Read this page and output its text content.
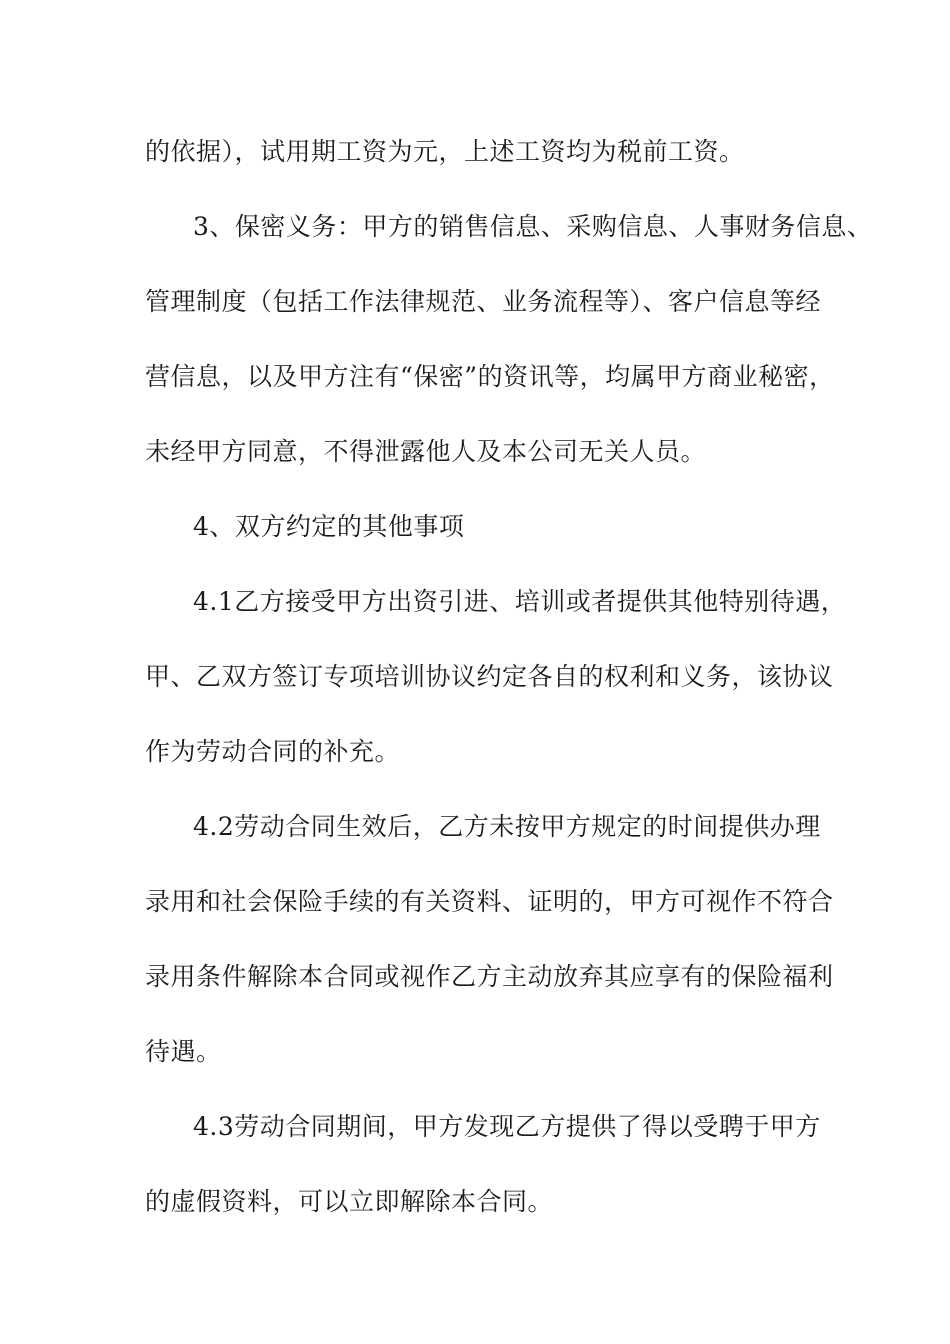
的依据），试用期工资为元，上述工资均为税前工资。
3、保密义务：甲方的销售信息、采购信息、人事财务信息、
管理制度（包括工作法律规范、业务流程等）、客户信息等经
营信息，以及甲方注有“保密”的资讯等，均属甲方商业秘密，
未经甲方同意，不得泄露他人及本公司无关人员。
4、双方约定的其他事项
4.1乙方接受甲方出资引进、培训或者提供其他特别待遇，
甲、乙双方签订专项培训协议约定各自的权利和义务，该协议
作为劳动合同的补充。
4.2劳动合同生效后，乙方未按甲方规定的时间提供办理
录用和社会保险手续的有关资料、证明的，甲方可视作不符合
录用条件解除本合同或视作乙方主动放弃其应享有的保险福利
待遇。
4.3劳动合同期间，甲方发现乙方提供了得以受聘于甲方
的虚假资料，可以立即解除本合同。
